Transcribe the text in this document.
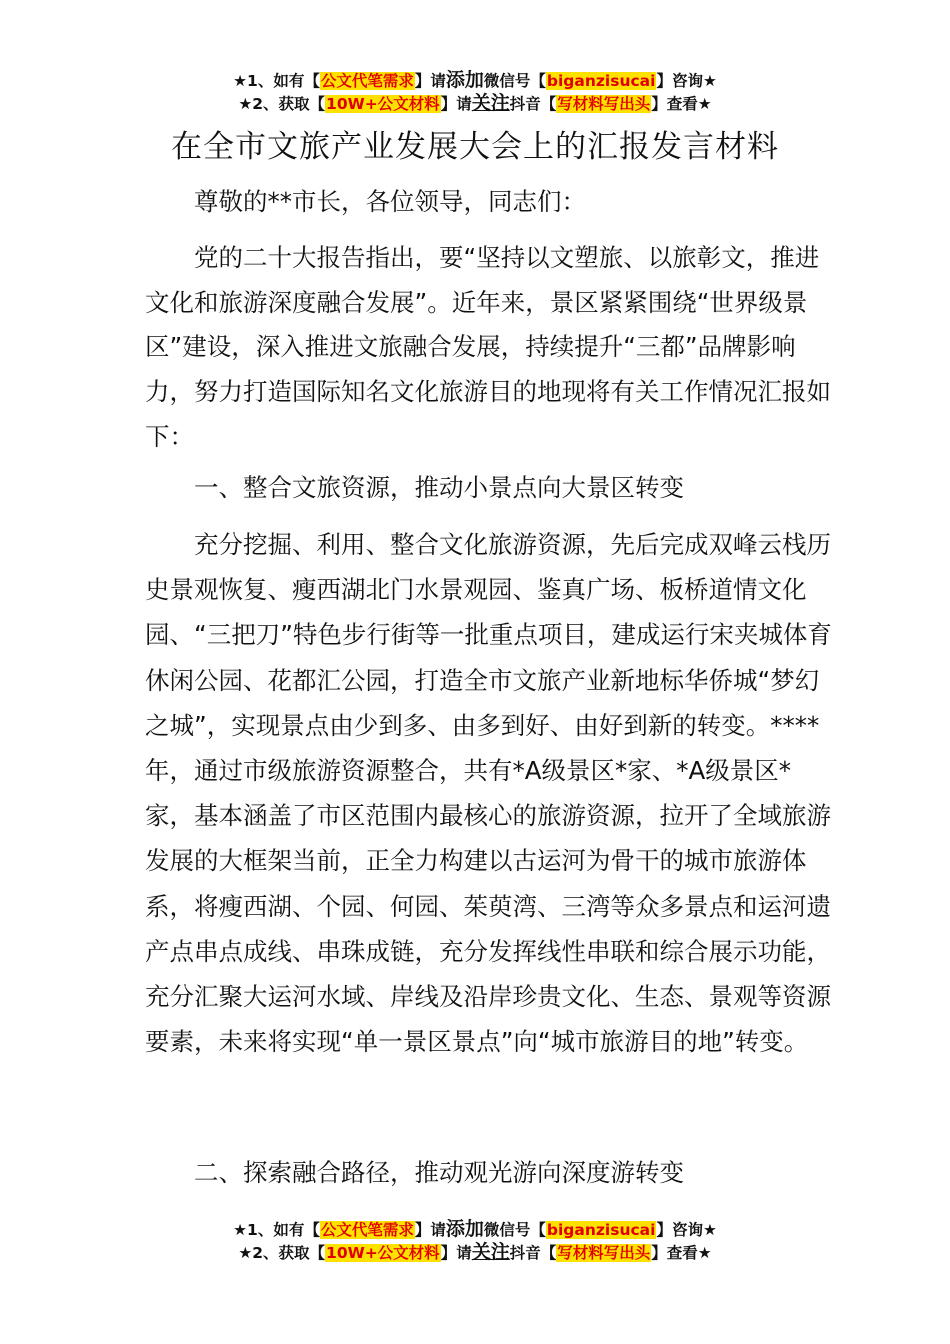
★1、如有【公文代笔需求】请添加微信号【biganzisucai】咨询★
★2、获取【10W+公文材料】请关注抖音【写材料写出头】查看★
在全市文旅产业发展大会上的汇报发言材料

尊敬的**市长，各位领导，同志们：

党的二十大报告指出，要“坚持以文塑旅、以旅彰文，推进文化和旅游深度融合发展”。近年来，景区紧紧围绕“世界级景区”建设，深入推进文旅融合发展，持续提升“三都”品牌影响力，努力打造国际知名文化旅游目的地现将有关工作情况汇报如下：

一、整合文旅资源，推动小景点向大景区转变

充分挖掘、利用、整合文化旅游资源，先后完成双峰云栈历史景观恢复、瘦西湖北门水景观园、鉴真广场、板桥道情文化园、“三把刀”特色步行街等一批重点项目，建成运行宋夹城体育休闲公园、花都汇公园，打造全市文旅产业新地标华侨城“梦幻之城”，实现景点由少到多、由多到好、由好到新的转变。****年，通过市级旅游资源整合，共有*A级景区*家、*A级景区*家，基本涵盖了市区范围内最核心的旅游资源，拉开了全域旅游发展的大框架当前，正全力构建以古运河为骨干的城市旅游体系，将瘦西湖、个园、何园、茱萸湾、三湾等众多景点和运河遗产点串点成线、串珠成链，充分发挥线性串联和综合展示功能，充分汇聚大运河水域、岸线及沿岸珍贵文化、生态、景观等资源要素，未来将实现“单一景区景点”向“城市旅游目的地”转变。

二、探索融合路径，推动观光游向深度游转变

★1、如有【公文代笔需求】请添加微信号【biganzisucai】咨询★
★2、获取【10W+公文材料】请关注抖音【写材料写出头】查看★
